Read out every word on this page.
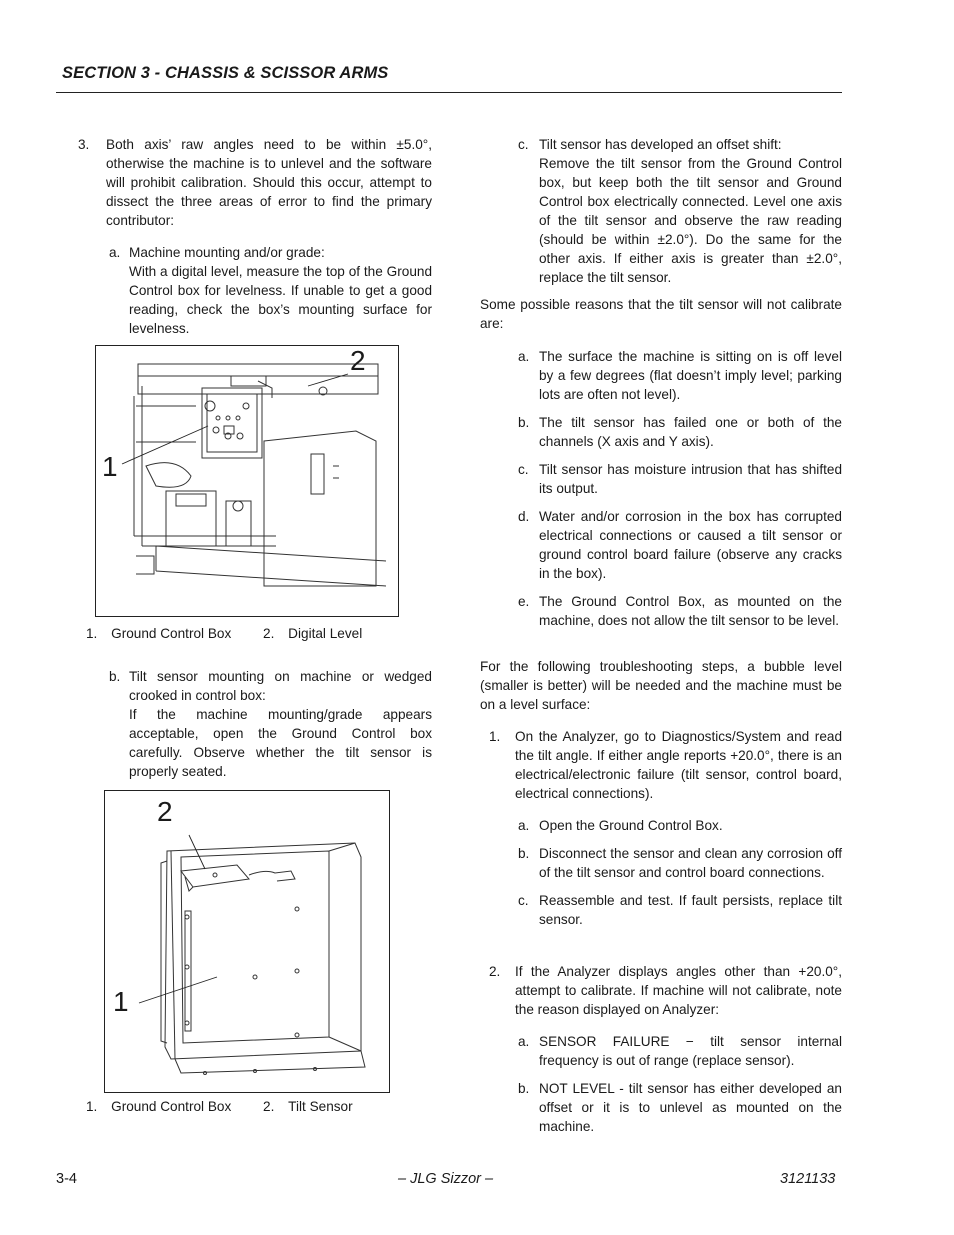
SECTION 3 - CHASSIS & SCISSOR ARMS
3. Both axis’ raw angles need to be within ±5.0°, otherwise the machine is to unlevel and the software will prohibit calibration. Should this occur, attempt to dissect the three areas of error to find the primary contributor:

a. Machine mounting and/or grade:

With a digital level, measure the top of the Ground Control box for levelness. If unable to get a good reading, check the box’s mounting surface for levelness.

1
2
1. Ground Control Box 2. Digital Level
b. Tilt sensor mounting on machine or wedged crooked in control box:

If the machine mounting/grade appears acceptable, open the Ground Control box carefully. Observe whether the tilt sensor is properly seated.

1
2
1. Ground Control Box 2. Tilt Sensor
c. Tilt sensor has developed an offset shift:

Remove the tilt sensor from the Ground Control box, but keep both the tilt sensor and Ground Control box electrically connected. Level one axis of the tilt sensor and observe the raw reading (should be within ±2.0°). Do the same for the other axis. If either axis is greater than ±2.0°, replace the tilt sensor.

Some possible reasons that the tilt sensor will not calibrate are:
a. The surface the machine is sitting on is off level by a few degrees (flat doesn’t imply level; parking lots are often not level).

b. The tilt sensor has failed one or both of the channels (X axis and Y axis).

c. Tilt sensor has moisture intrusion that has shifted its output.

d. Water and/or corrosion in the box has corrupted electrical connections or caused a tilt sensor or ground control board failure (observe any cracks in the box).

e. The Ground Control Box, as mounted on the machine, does not allow the tilt sensor to be level.

For the following troubleshooting steps, a bubble level (smaller is better) will be needed and the machine must be on a level surface:
1. On the Analyzer, go to Diagnostics/System and read the tilt angle. If either angle reports +20.0°, there is an electrical/electronic failure (tilt sensor, control board, electrical connections).

a. Open the Ground Control Box.

b. Disconnect the sensor and clean any corrosion off of the tilt sensor and control board connections.

c. Reassemble and test. If fault persists, replace tilt sensor.

2. If the Analyzer displays angles other than +20.0°, attempt to calibrate. If machine will not calibrate, note the reason displayed on Analyzer:

a. SENSOR FAILURE − tilt sensor internal frequency is out of range (replace sensor).

b. NOT LEVEL - tilt sensor has either developed an offset or it is to unlevel as mounted on the machine.

3-4	– JLG Sizzor –	3121133
